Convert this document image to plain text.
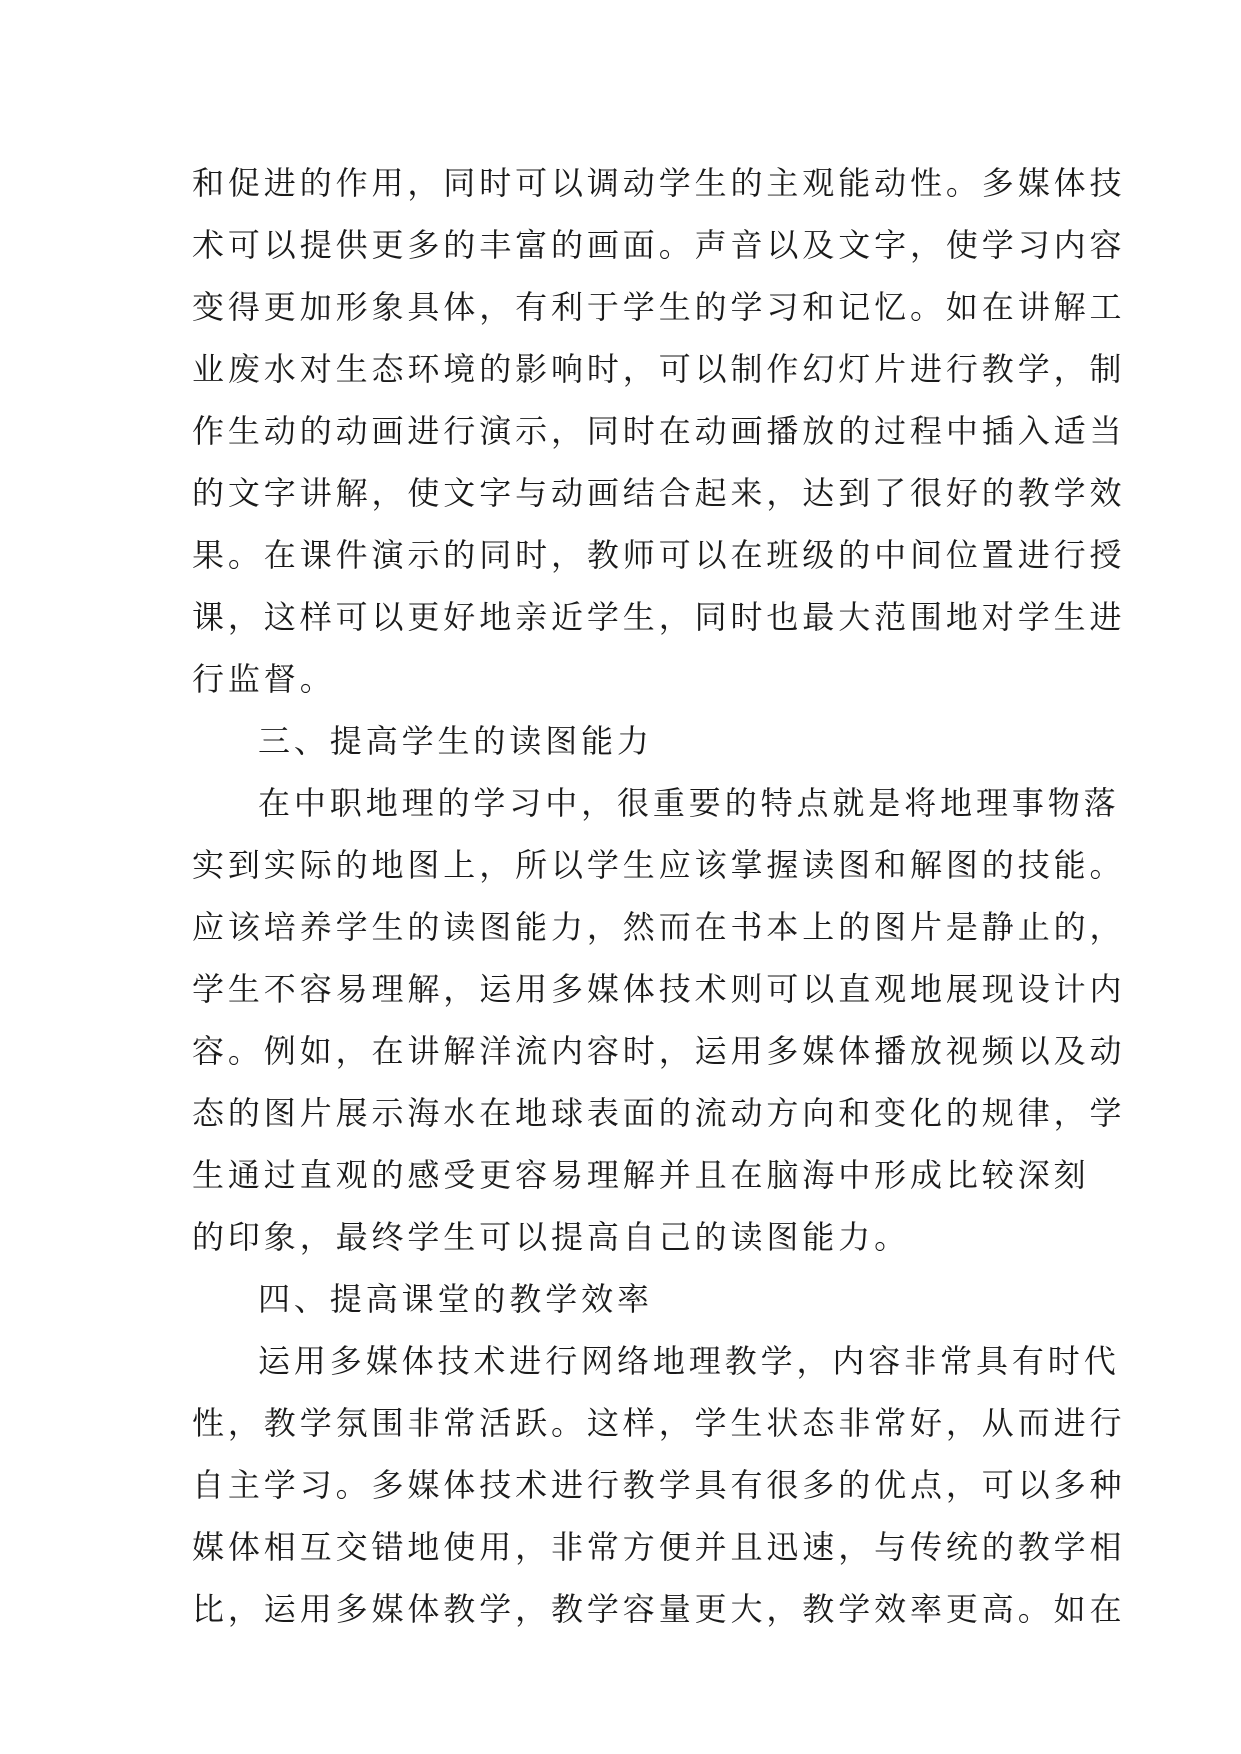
和促进的作用，同时可以调动学生的主观能动性。多媒体技
术可以提供更多的丰富的画面。声音以及文字，使学习内容
变得更加形象具体，有利于学生的学习和记忆。如在讲解工
业废水对生态环境的影响时，可以制作幻灯片进行教学，制
作生动的动画进行演示，同时在动画播放的过程中插入适当
的文字讲解，使文字与动画结合起来，达到了很好的教学效
果。在课件演示的同时，教师可以在班级的中间位置进行授
课，这样可以更好地亲近学生，同时也最大范围地对学生进
行监督。
三、提高学生的读图能力
在中职地理的学习中，很重要的特点就是将地理事物落
实到实际的地图上，所以学生应该掌握读图和解图的技能。
应该培养学生的读图能力，然而在书本上的图片是静止的，
学生不容易理解，运用多媒体技术则可以直观地展现设计内
容。例如，在讲解洋流内容时，运用多媒体播放视频以及动
态的图片展示海水在地球表面的流动方向和变化的规律，学
生通过直观的感受更容易理解并且在脑海中形成比较深刻
的印象，最终学生可以提高自己的读图能力。
四、提高课堂的教学效率
运用多媒体技术进行网络地理教学，内容非常具有时代
性，教学氛围非常活跃。这样，学生状态非常好，从而进行
自主学习。多媒体技术进行教学具有很多的优点，可以多种
媒体相互交错地使用，非常方便并且迅速，与传统的教学相
比，运用多媒体教学，教学容量更大，教学效率更高。如在
